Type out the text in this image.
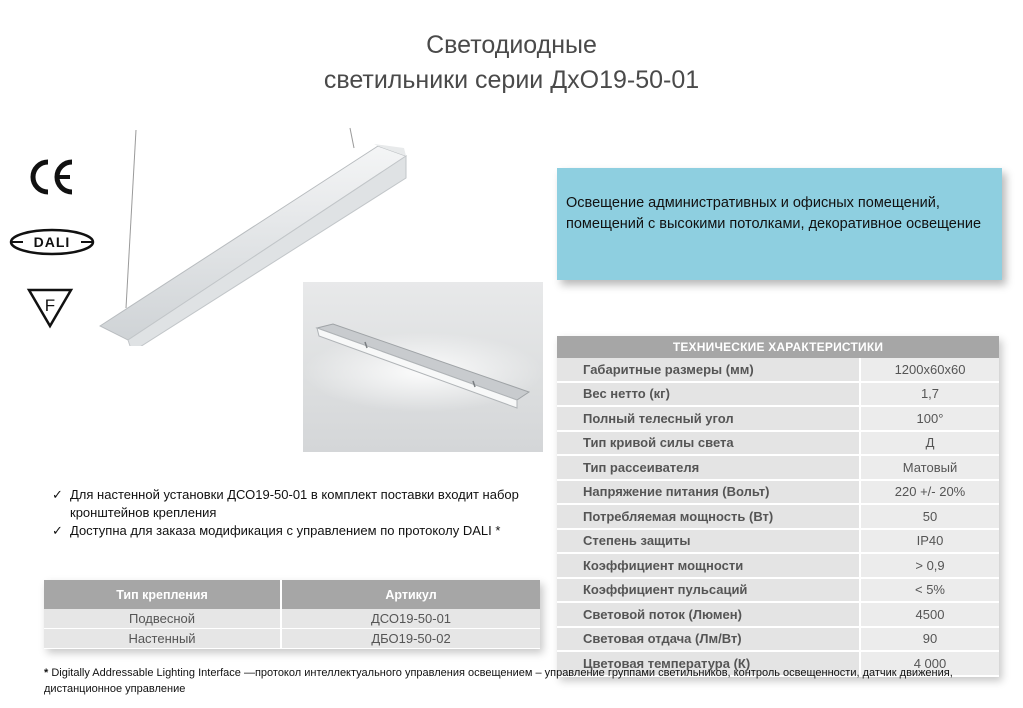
Светодиодные
светильники серии ДхО19-50-01
DALI
F
Освещение административных и офисных помещений, помещений с высокими потолками, декоративное освещение
ТЕХНИЧЕСКИЕ ХАРАКТЕРИСТИКИ	
Габаритные размеры (мм)	1200х60х60
Вес нетто (кг)	1,7
Полный телесный угол	100°
Тип кривой силы света	Д
Тип рассеивателя	Матовый
Напряжение питания (Вольт)	220 +/- 20%
Потребляемая мощность (Вт)	50
Степень защиты	IP40
Коэффициент мощности	> 0,9
Коэффициент пульсаций	< 5%
Световой поток (Люмен)	4500
Световая отдача (Лм/Вт)	90
Цветовая температура (К)	4 000

✓ Для настенной установки ДСО19-50-01 в комплект поставки входит набор кронштейнов крепления

✓ Доступна для заказа модификация с управлением по протоколу DALI *

Тип крепления	Артикул
Подвесной	ДСО19-50-01
Настенный	ДБО19-50-02
* Digitally Addressable Lighting Interface —протокол интеллектуального управления освещением – управление группами светильников, контроль освещенности, датчик движения, дистанционное управление
